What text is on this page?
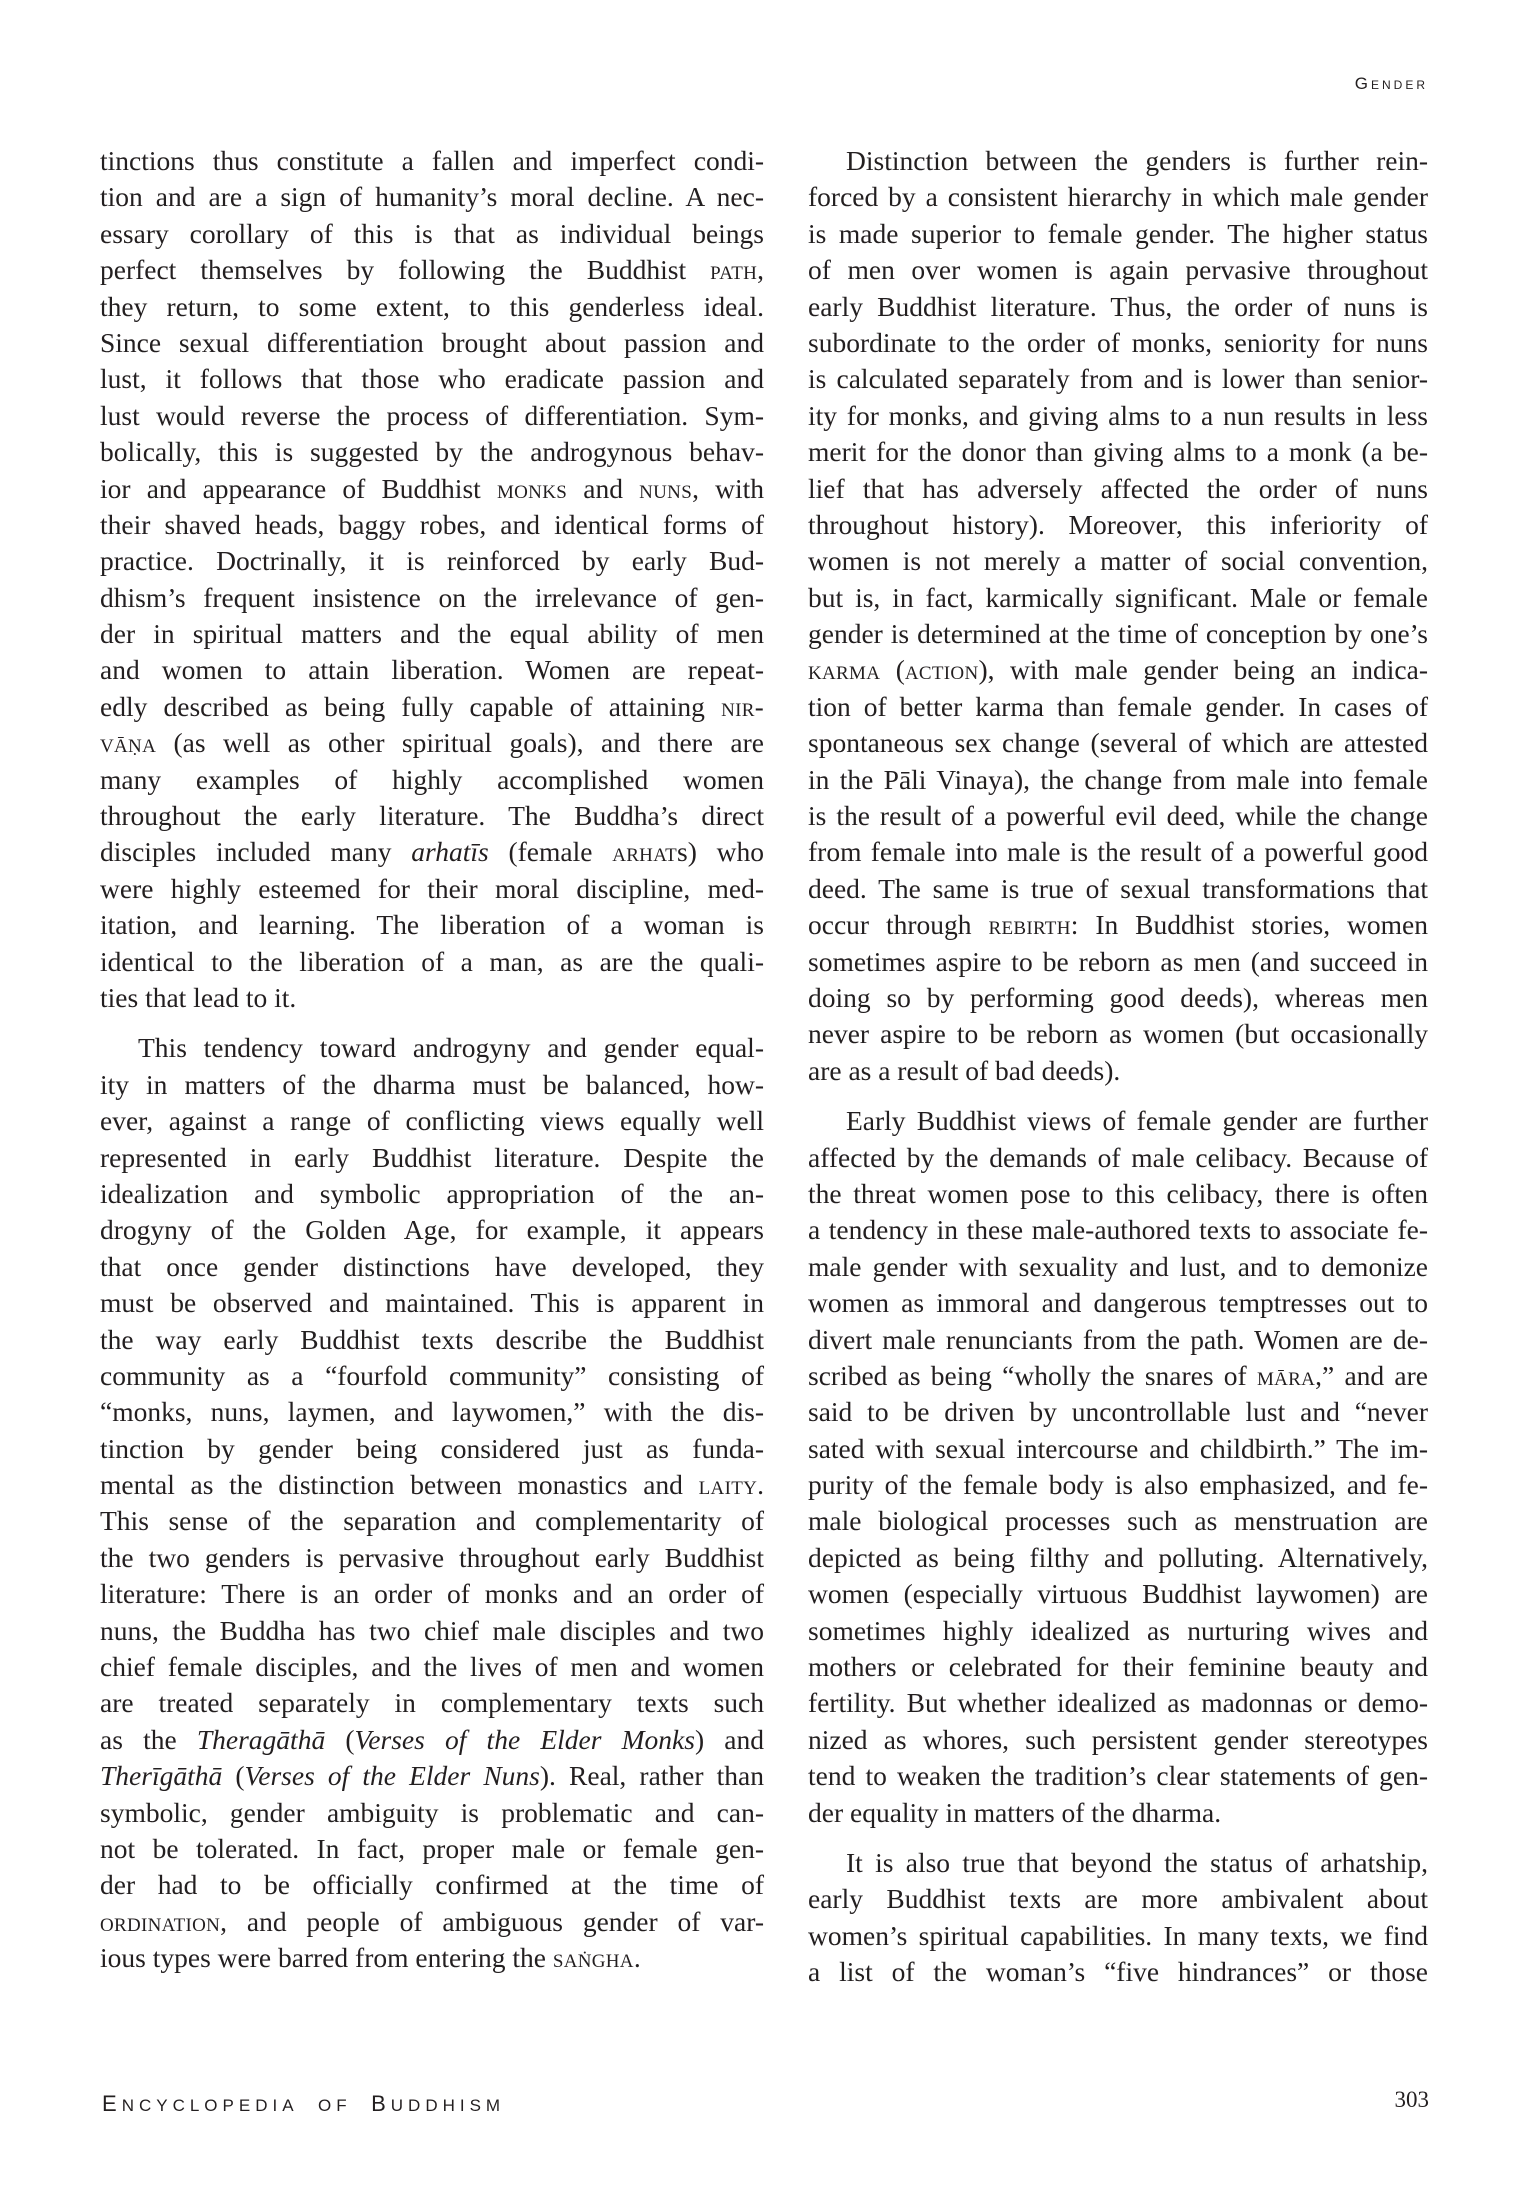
Gender
tinctions thus constitute a fallen and imperfect condi-
tion and are a sign of humanity’s moral decline. A nec-
essary corollary of this is that as individual beings
perfect themselves by following the Buddhist path,
they return, to some extent, to this genderless ideal.
Since sexual differentiation brought about passion and
lust, it follows that those who eradicate passion and
lust would reverse the process of differentiation. Sym-
bolically, this is suggested by the androgynous behav-
ior and appearance of Buddhist monks and nuns, with
their shaved heads, baggy robes, and identical forms of
practice. Doctrinally, it is reinforced by early Bud-
dhism’s frequent insistence on the irrelevance of gen-
der in spiritual matters and the equal ability of men
and women to attain liberation. Women are repeat-
edly described as being fully capable of attaining nir-
vāṇa (as well as other spiritual goals), and there are
many examples of highly accomplished women
throughout the early literature. The Buddha’s direct
disciples included many arhatīs (female arhats) who
were highly esteemed for their moral discipline, med-
itation, and learning. The liberation of a woman is
identical to the liberation of a man, as are the quali-
ties that lead to it.
This tendency toward androgyny and gender equal-
ity in matters of the dharma must be balanced, how-
ever, against a range of conflicting views equally well
represented in early Buddhist literature. Despite the
idealization and symbolic appropriation of the an-
drogyny of the Golden Age, for example, it appears
that once gender distinctions have developed, they
must be observed and maintained. This is apparent in
the way early Buddhist texts describe the Buddhist
community as a “fourfold community” consisting of
“monks, nuns, laymen, and laywomen,” with the dis-
tinction by gender being considered just as funda-
mental as the distinction between monastics and laity.
This sense of the separation and complementarity of
the two genders is pervasive throughout early Buddhist
literature: There is an order of monks and an order of
nuns, the Buddha has two chief male disciples and two
chief female disciples, and the lives of men and women
are treated separately in complementary texts such
as the Theragāthā (Verses of the Elder Monks) and
Therīgāthā (Verses of the Elder Nuns). Real, rather than
symbolic, gender ambiguity is problematic and can-
not be tolerated. In fact, proper male or female gen-
der had to be officially confirmed at the time of
ordination, and people of ambiguous gender of var-
ious types were barred from entering the saṅgha.
Distinction between the genders is further rein-
forced by a consistent hierarchy in which male gender
is made superior to female gender. The higher status
of men over women is again pervasive throughout
early Buddhist literature. Thus, the order of nuns is
subordinate to the order of monks, seniority for nuns
is calculated separately from and is lower than senior-
ity for monks, and giving alms to a nun results in less
merit for the donor than giving alms to a monk (a be-
lief that has adversely affected the order of nuns
throughout history). Moreover, this inferiority of
women is not merely a matter of social convention,
but is, in fact, karmically significant. Male or female
gender is determined at the time of conception by one’s
karma (action), with male gender being an indica-
tion of better karma than female gender. In cases of
spontaneous sex change (several of which are attested
in the Pāli Vinaya), the change from male into female
is the result of a powerful evil deed, while the change
from female into male is the result of a powerful good
deed. The same is true of sexual transformations that
occur through rebirth: In Buddhist stories, women
sometimes aspire to be reborn as men (and succeed in
doing so by performing good deeds), whereas men
never aspire to be reborn as women (but occasionally
are as a result of bad deeds).
Early Buddhist views of female gender are further
affected by the demands of male celibacy. Because of
the threat women pose to this celibacy, there is often
a tendency in these male-authored texts to associate fe-
male gender with sexuality and lust, and to demonize
women as immoral and dangerous temptresses out to
divert male renunciants from the path. Women are de-
scribed as being “wholly the snares of māra,” and are
said to be driven by uncontrollable lust and “never
sated with sexual intercourse and childbirth.” The im-
purity of the female body is also emphasized, and fe-
male biological processes such as menstruation are
depicted as being filthy and polluting. Alternatively,
women (especially virtuous Buddhist laywomen) are
sometimes highly idealized as nurturing wives and
mothers or celebrated for their feminine beauty and
fertility. But whether idealized as madonnas or demo-
nized as whores, such persistent gender stereotypes
tend to weaken the tradition’s clear statements of gen-
der equality in matters of the dharma.
It is also true that beyond the status of arhatship,
early Buddhist texts are more ambivalent about
women’s spiritual capabilities. In many texts, we find
a list of the woman’s “five hindrances” or those
ENCYCLOPEDIA OF BUDDHISM	303
